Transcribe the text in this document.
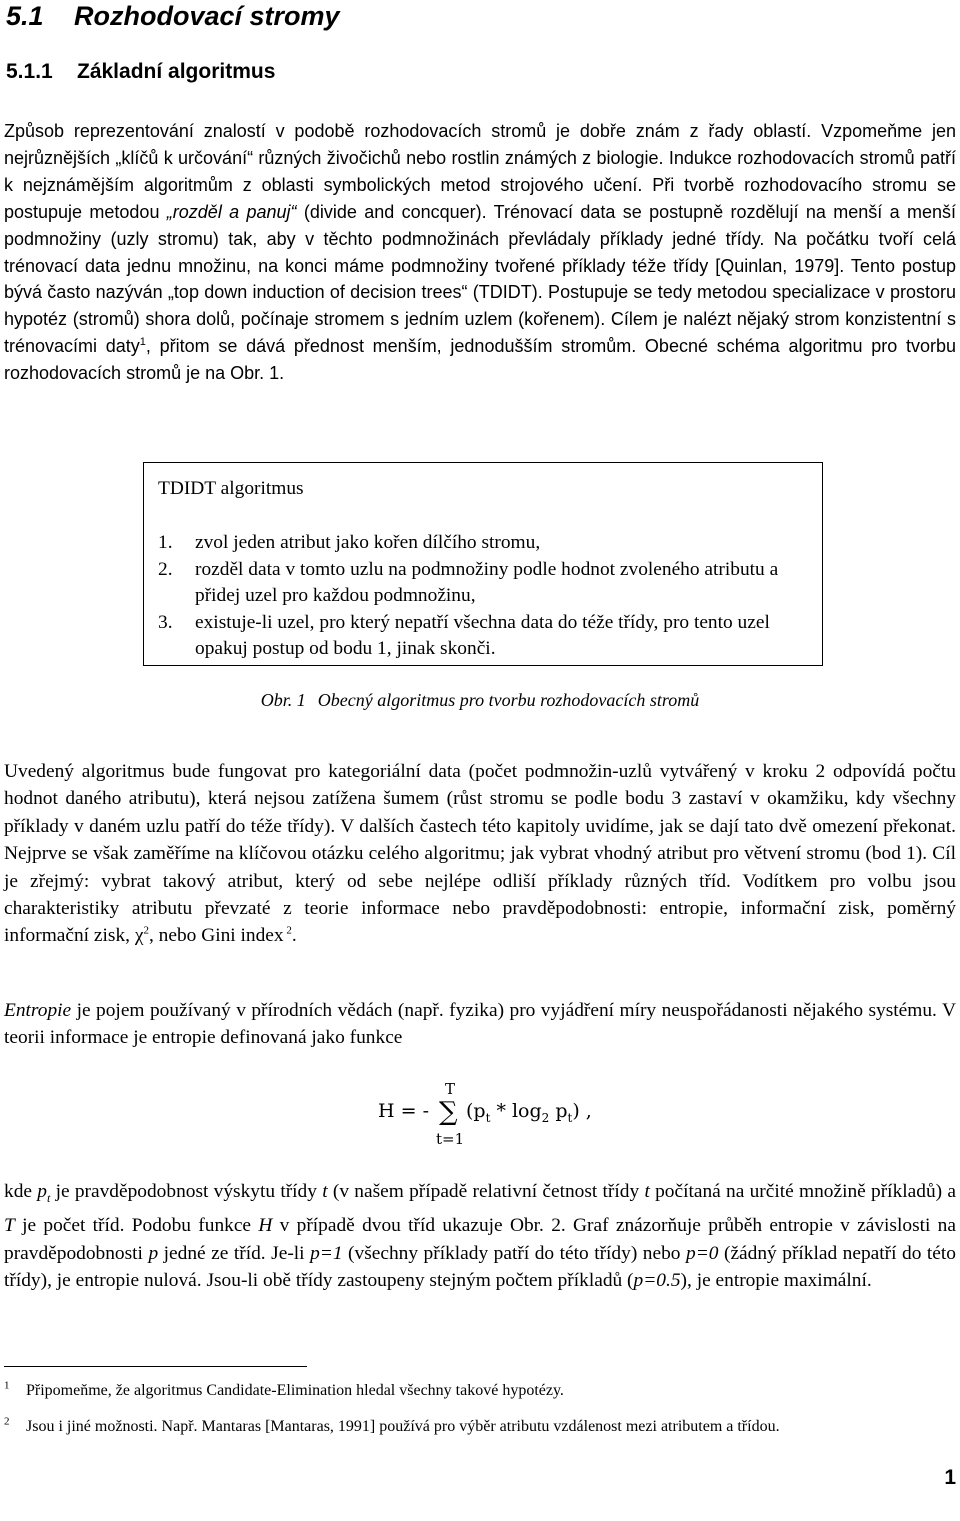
5.1 Rozhodovací stromy
5.1.1 Základní algoritmus

Způsob reprezentování znalostí v podobě rozhodovacích stromů je dobře znám z řady oblastí. Vzpomeňme jen nejrůznějších „klíčů k určování“ různých živočichů nebo rostlin známých z biologie. Indukce rozhodovacích stromů patří k nejznámějším algoritmům z oblasti symbolických metod strojového učení. Při tvorbě rozhodovacího stromu se postupuje metodou „rozděl a panuj“ (divide and concquer). Trénovací data se postupně rozdělují na menší a menší podmnožiny (uzly stromu) tak, aby v těchto podmnožinách převládaly příklady jedné třídy. Na počátku tvoří celá trénovací data jednu množinu, na konci máme podmnožiny tvořené příklady téže třídy [Quinlan, 1979]. Tento postup bývá často nazýván „top down induction of decision trees“ (TDIDT). Postupuje se tedy metodou specializace v prostoru hypotéz (stromů) shora dolů, počínaje stromem s jedním uzlem (kořenem). Cílem je nalézt nějaký strom konzistentní s trénovacími daty$^1$, přitom se dává přednost menším, jednodušším stromům. Obecné schéma algoritmu pro tvorbu rozhodovacích stromů je na Obr. 1.

TDIDT algoritmus
1.	zvol jeden atribut jako kořen dílčího stromu,
2.	rozděl data v tomto uzlu na podmnožiny podle hodnot zvoleného atributu a přidej uzel pro každou podmnožinu,
3.	existuje-li uzel, pro který nepatří všechna data do téže třídy, pro tento uzel opakuj postup od bodu 1, jinak skonči.
Obr. 1 Obecný algoritmus pro tvorbu rozhodovacích stromů

Uvedený algoritmus bude fungovat pro kategoriální data (počet podmnožin-uzlů vytvářený v kroku 2 odpovídá počtu hodnot daného atributu), která nejsou zatížena šumem (růst stromu se podle bodu 3 zastaví v okamžiku, kdy všechny příklady v daném uzlu patří do téže třídy). V dalších častech této kapitoly uvidíme, jak se dají tato dvě omezení překonat. Nejprve se však zaměříme na klíčovou otázku celého algoritmu; jak vybrat vhodný atribut pro větvení stromu (bod 1). Cíl je zřejmý: vybrat takový atribut, který od sebe nejlépe odliší příklady různých tříd. Vodítkem pro volbu jsou charakteristiky atributu převzaté z teorie informace nebo pravděpodobnosti: entropie, informační zisk, poměrný informační zisk, $\chi^2$, nebo Gini index $^2$.

Entropie je pojem používaný v přírodních vědách (např. fyzika) pro vyjádření míry neuspořádanosti nějakého systému. V teorii informace je entropie definovaná jako funkce

T
H = - ∑ $(p_t * \log_2 p_t)$ ,
t=1

kde $p_t$ je pravděpodobnost výskytu třídy t (v našem případě relativní četnost třídy t počítaná na určité množině příkladů) a T je počet tříd. Podobu funkce H v případě dvou tříd ukazuje Obr. 2. Graf znázorňuje průběh entropie v závislosti na pravděpodobnosti p jedné ze tříd. Je-li p=1 (všechny příklady patří do této třídy) nebo p=0 (žádný příklad nepatří do této třídy), je entropie nulová. Jsou-li obě třídy zastoupeny stejným počtem příkladů (p=0.5), je entropie maximální.

$^1$ Připomeňme, že algoritmus Candidate-Elimination hledal všechny takové hypotézy.
$^2$ Jsou i jiné možnosti. Např. Mantaras [Mantaras, 1991] používá pro výběr atributu vzdálenost mezi atributem a třídou.
1
